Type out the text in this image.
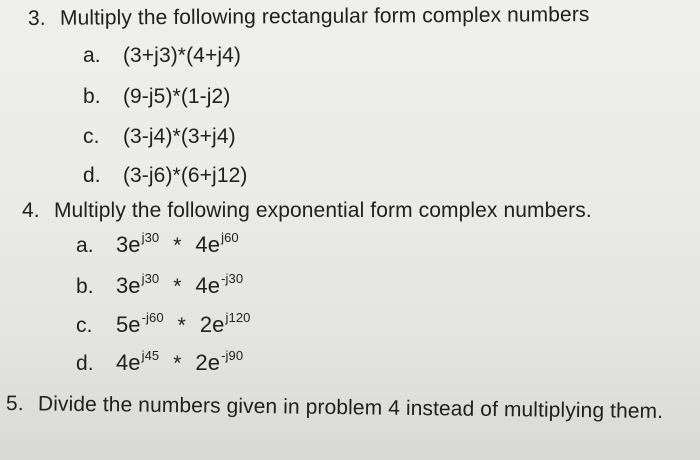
3. Multiply the following rectangular form complex numbers
a. (3+j3)*(4+j4)
b. (9-j5)*(1-j2)
c. (3-j4)*(3+j4)
d. (3-j6)*(6+j12)
4. Multiply the following exponential form complex numbers.
a. $3e^{j30} * 4e^{j60}$
b. $3e^{j30} * 4e^{-j30}$
c. $5e^{-j60} * 2e^{j120}$
d. $4e^{j45} * 2e^{-j90}$
5. Divide the numbers given in problem 4 instead of multiplying them.
